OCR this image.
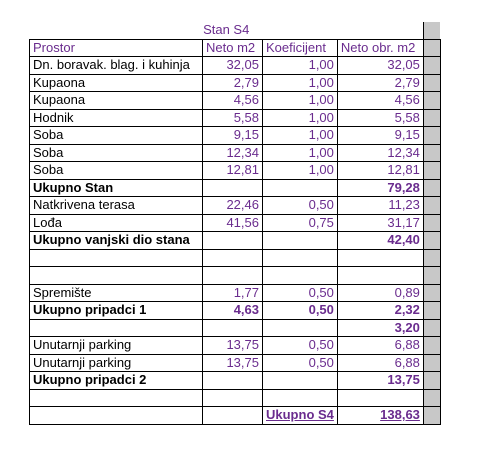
Stan S4				
Prostor	Neto m2	Koeficijent	Neto obr. m2	
Dn. boravak. blag. i kuhinja	32,05	1,00	32,05	
Kupaona	2,79	1,00	2,79	
Kupaona	4,56	1,00	4,56	
Hodnik	5,58	1,00	5,58	
Soba	9,15	1,00	9,15	
Soba	12,34	1,00	12,34	
Soba	12,81	1,00	12,81	
Ukupno Stan			79,28	
Natkrivena terasa	22,46	0,50	11,23	
Lođa	41,56	0,75	31,17	
Ukupno vanjski dio stana			42,40	

Spremište	1,77	0,50	0,89	
Ukupno pripadci 1	4,63	0,50	2,32	
			3,20	
Unutarnji parking	13,75	0,50	6,88	
Unutarnji parking	13,75	0,50	6,88	
Ukupno pripadci 2			13,75	

		Ukupno S4	138,63	
